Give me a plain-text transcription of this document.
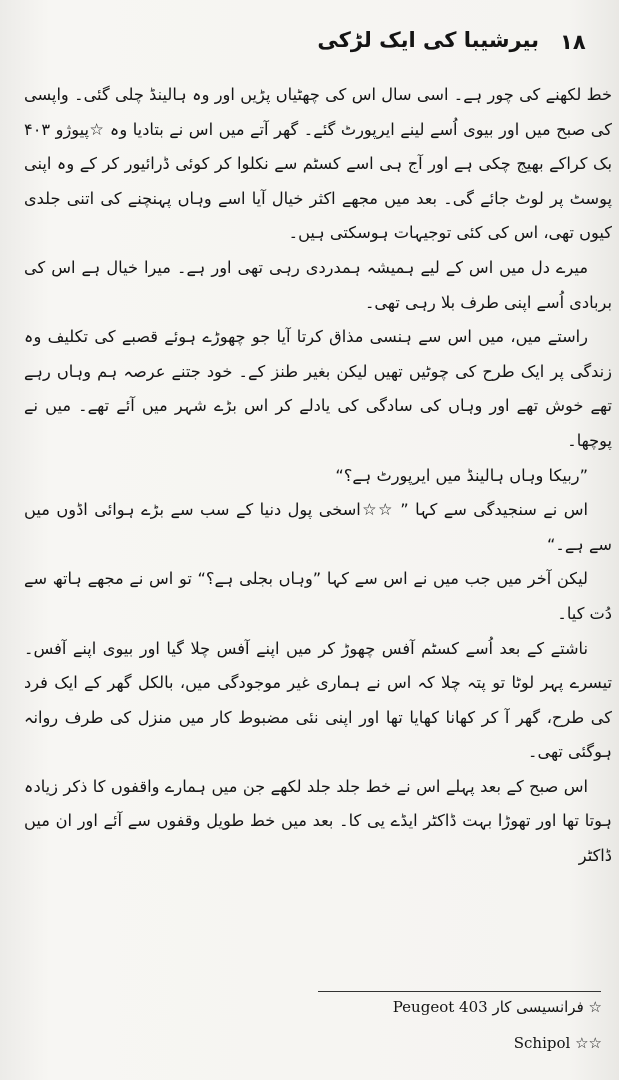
۱۸
بیرشیبا کی ایک لڑکی

خط لکھنے کی چور ہے۔ اسی سال اس کی چھٹیاں پڑیں اور وہ ہالینڈ چلی گئی۔ واپسی کی صبح میں اور بیوی اُسے لینے ایرپورٹ گئے۔ گھر آتے میں اس نے بتادیا وہ ☆پیوژو ۴۰۳ بک کراکے بھیج چکی ہے اور آج ہی اسے کسٹم سے نکلوا کر کوئی ڈرائیور کر کے وہ اپنی پوسٹ پر لوٹ جائے گی۔ بعد میں مجھے اکثر خیال آیا اسے وہاں پہنچنے کی اتنی جلدی کیوں تھی، اس کی کئی توجیہات ہوسکتی ہیں۔

میرے دل میں اس کے لیے ہمیشہ ہمدردی رہی تھی اور ہے۔ میرا خیال ہے اس کی بربادی اُسے اپنی طرف بلا رہی تھی۔

راستے میں، میں اس سے ہنسی مذاق کرتا آیا جو چھوڑے ہوئے قصبے کی تکلیف وہ زندگی پر ایک طرح کی چوٹیں تھیں لیکن بغیر طنز کے۔ خود جتنے عرصہ ہم وہاں رہے تھے خوش تھے اور وہاں کی سادگی کی یادلے کر اس بڑے شہر میں آئے تھے۔ میں نے پوچھا۔

”ربیکا وہاں ہالینڈ میں ایرپورٹ ہے؟“

اس نے سنجیدگی سے کہا ” ☆☆اسخی پول دنیا کے سب سے بڑے ہوائی اڈوں میں سے ہے۔“

لیکن آخر میں جب میں نے اس سے کہا ”وہاں بجلی ہے؟“ تو اس نے مجھے ہاتھ سے دُت کیا۔

ناشتے کے بعد اُسے کسٹم آفس چھوڑ کر میں اپنے آفس چلا گیا اور بیوی اپنے آفس۔ تیسرے پہر لوٹا تو پتہ چلا کہ اس نے ہماری غیر موجودگی میں، بالکل گھر کے ایک فرد کی طرح، گھر آ کر کھانا کھایا تھا اور اپنی نئی مضبوط کار میں منزل کی طرف روانہ ہوگئی تھی۔

اس صبح کے بعد پہلے اس نے خط جلد جلد لکھے جن میں ہمارے واقفوں کا ذکر زیادہ ہوتا تھا اور تھوڑا بہت ڈاکٹر ایڈے یی کا۔ بعد میں خط طویل وقفوں سے آئے اور ان میں ڈاکٹر

Peugeot 403 فرانسیسی کار ☆
Schipol ☆☆
